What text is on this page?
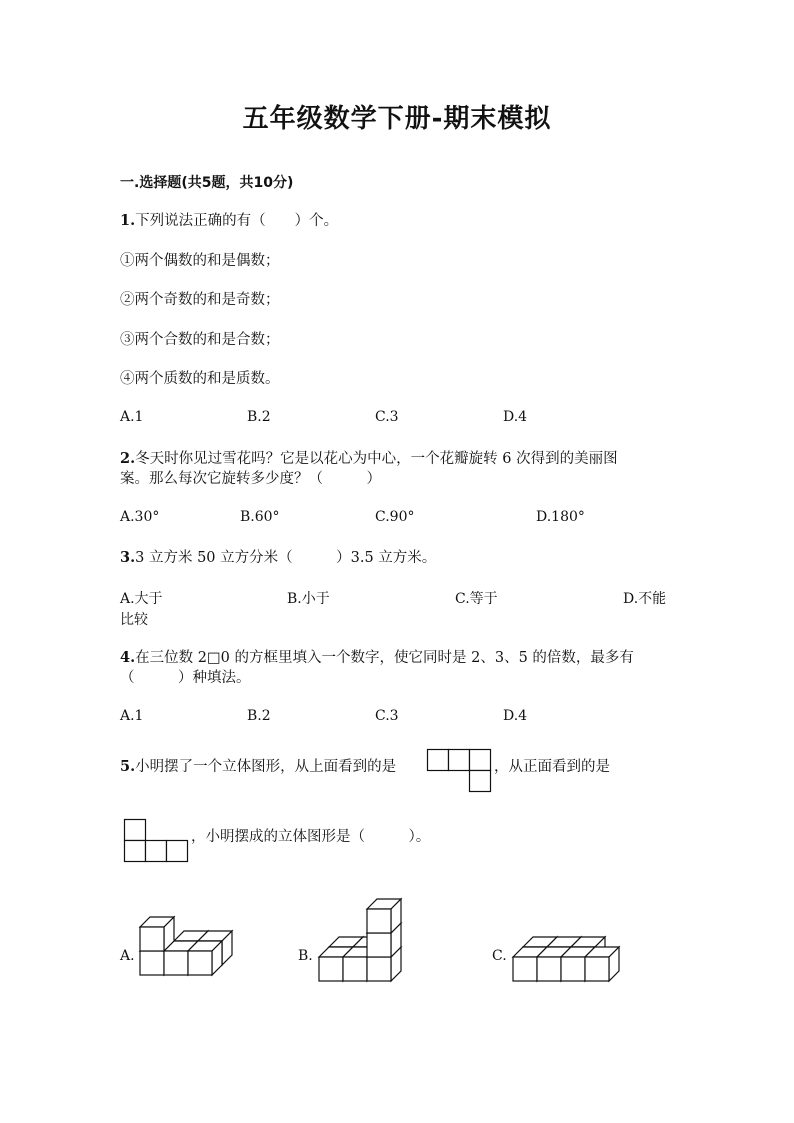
五年级数学下册-期末模拟
一.选择题(共5题，共10分)
1.下列说法正确的有（　　）个。
①两个偶数的和是偶数；
②两个奇数的和是奇数；
③两个合数的和是合数；
④两个质数的和是质数。
A.1	B.2	C.3	D.4
2.冬天时你见过雪花吗？它是以花心为中心，一个花瓣旋转 6 次得到的美丽图
案。那么每次它旋转多少度？（　　　）
A.30°	B.60°	C.90°	D.180°
3.3 立方米 50 立方分米（　　　）3.5 立方米。
A.大于	B.小于	C.等于	D.不能
比较
4.在三位数 2□0 的方框里填入一个数字，使它同时是 2、3、5 的倍数，最多有
（　　　）种填法。
A.1	B.2	C.3	D.4
5.小明摆了一个立体图形，从上面看到的是	，从正面看到的是
，小明摆成的立体图形是（　　　）。
A.	B.	C.
